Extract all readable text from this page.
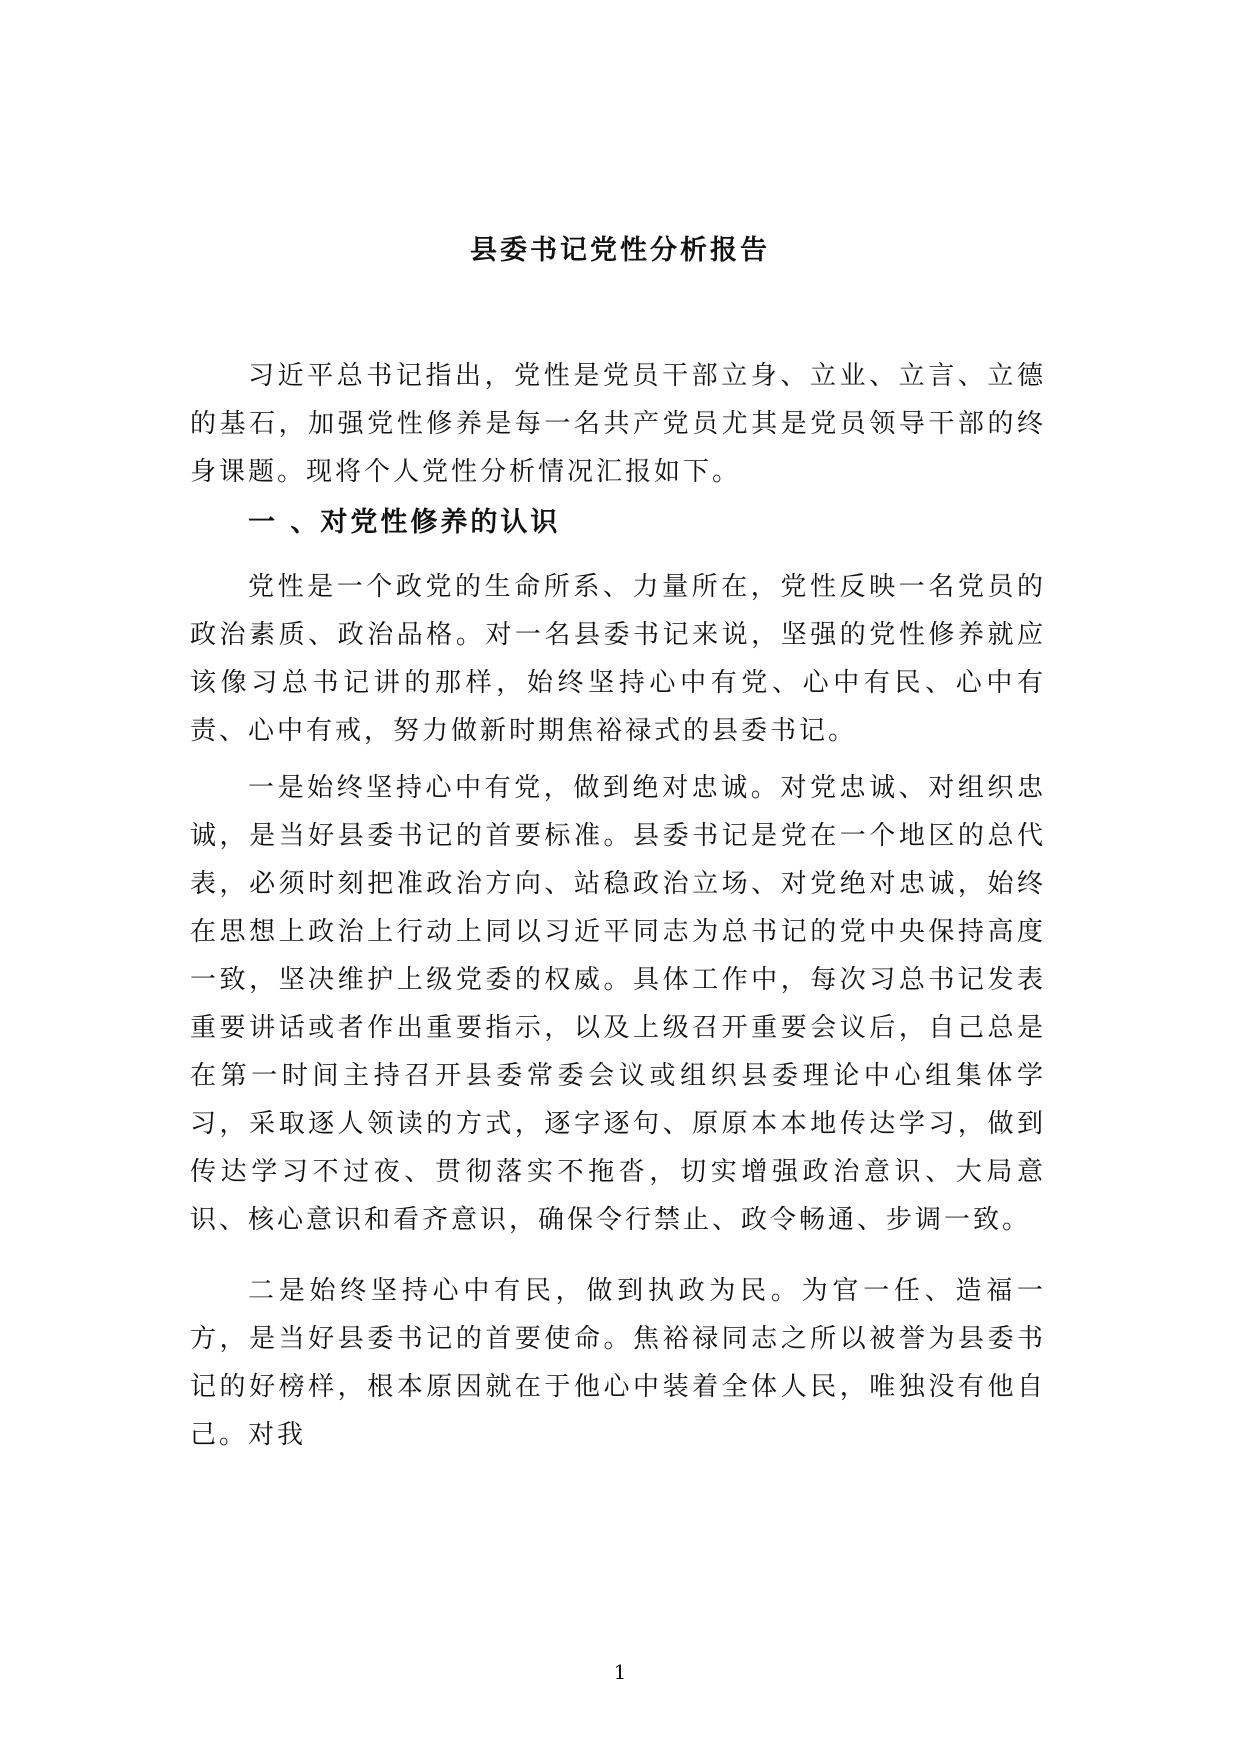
县委书记党性分析报告

习近平总书记指出，党性是党员干部立身、立业、立言、立德的基石，加强党性修养是每一名共产党员尤其是党员领导干部的终身课题。现将个人党性分析情况汇报如下。

一 、对党性修养的认识

党性是一个政党的生命所系、力量所在，党性反映一名党员的政治素质、政治品格。对一名县委书记来说，坚强的党性修养就应该像习总书记讲的那样，始终坚持心中有党、心中有民、心中有责、心中有戒，努力做新时期焦裕禄式的县委书记。

一是始终坚持心中有党，做到绝对忠诚。对党忠诚、对组织忠诚，是当好县委书记的首要标准。县委书记是党在一个地区的总代表，必须时刻把准政治方向、站稳政治立场、对党绝对忠诚，始终在思想上政治上行动上同以习近平同志为总书记的党中央保持高度一致，坚决维护上级党委的权威。具体工作中，每次习总书记发表重要讲话或者作出重要指示，以及上级召开重要会议后，自己总是在第一时间主持召开县委常委会议或组织县委理论中心组集体学习，采取逐人领读的方式，逐字逐句、原原本本地传达学习，做到传达学习不过夜、贯彻落实不拖沓，切实增强政治意识、大局意识、核心意识和看齐意识，确保令行禁止、政令畅通、步调一致。

二是始终坚持心中有民，做到执政为民。为官一任、造福一方，是当好县委书记的首要使命。焦裕禄同志之所以被誉为县委书记的好榜样，根本原因就在于他心中装着全体人民，唯独没有他自己。对我

1
